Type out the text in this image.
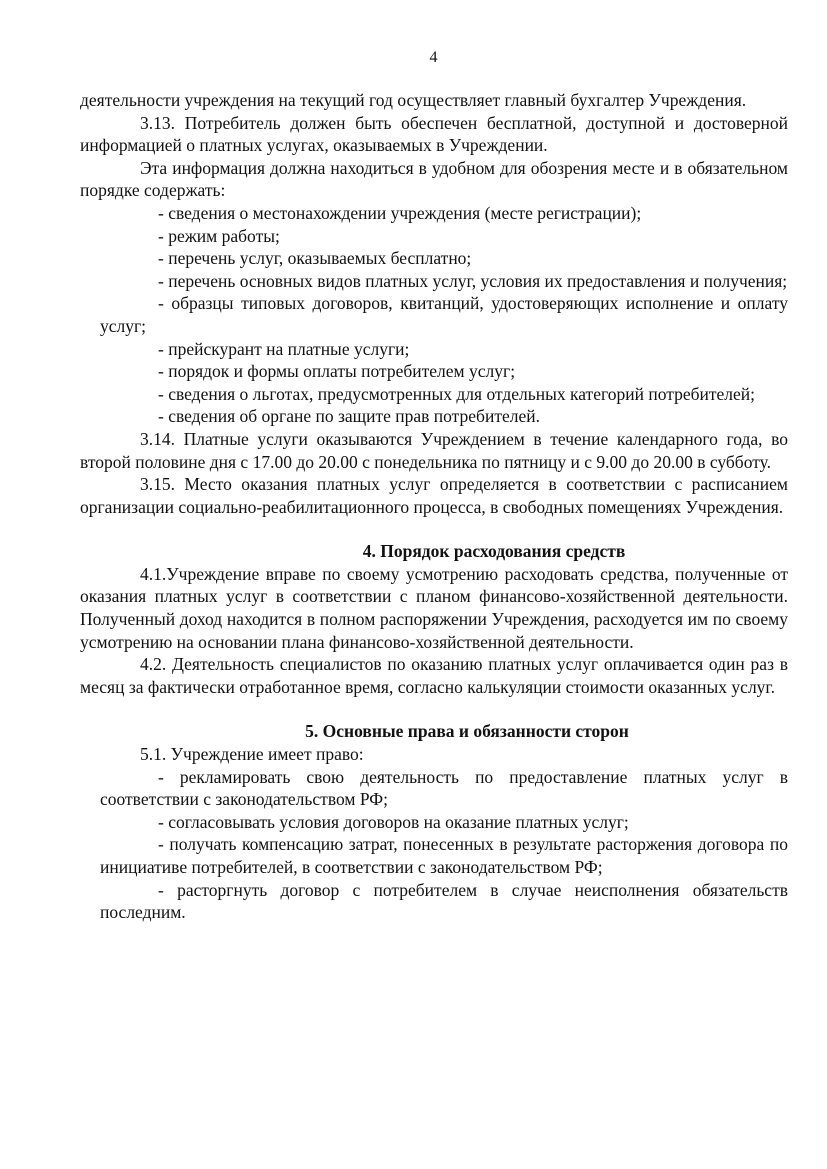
4

деятельности учреждения на текущий год осуществляет главный бухгалтер Учреждения.

3.13. Потребитель должен быть обеспечен бесплатной, доступной и достоверной информацией о платных услугах, оказываемых в Учреждении.

Эта информация должна находиться в удобном для обозрения месте и в обязательном порядке содержать:

- сведения о местонахождении учреждения (месте регистрации);

- режим работы;

- перечень услуг, оказываемых бесплатно;

- перечень основных видов платных услуг, условия их предоставления и получения;

- образцы типовых договоров, квитанций, удостоверяющих исполнение и оплату услуг;

- прейскурант на платные услуги;

- порядок и формы оплаты потребителем услуг;

- сведения о льготах, предусмотренных для отдельных категорий потребителей;

- сведения об органе по защите прав потребителей.

3.14. Платные услуги оказываются Учреждением в течение календарного года, во второй половине дня с 17.00 до 20.00 с понедельника по пятницу и с 9.00 до 20.00 в субботу.

3.15. Место оказания платных услуг определяется в соответствии с расписанием организации социально-реабилитационного процесса, в свободных помещениях Учреждения.

4. Порядок расходования средств

4.1.Учреждение вправе по своему усмотрению расходовать средства, полученные от оказания платных услуг в соответствии с планом финансово-хозяйственной деятельности. Полученный доход находится в полном распоряжении Учреждения, расходуется им по своему усмотрению на основании плана финансово-хозяйственной деятельности.

4.2. Деятельность специалистов по оказанию платных услуг оплачивается один раз в месяц за фактически отработанное время, согласно калькуляции стоимости оказанных услуг.

5. Основные права и обязанности сторон

5.1. Учреждение имеет право:

- рекламировать свою деятельность по предоставление платных услуг в соответствии с законодательством РФ;

- согласовывать условия договоров на оказание платных услуг;

- получать компенсацию затрат, понесенных в результате расторжения договора по инициативе потребителей, в соответствии с законодательством РФ;

- расторгнуть договор с потребителем в случае неисполнения обязательств последним.
